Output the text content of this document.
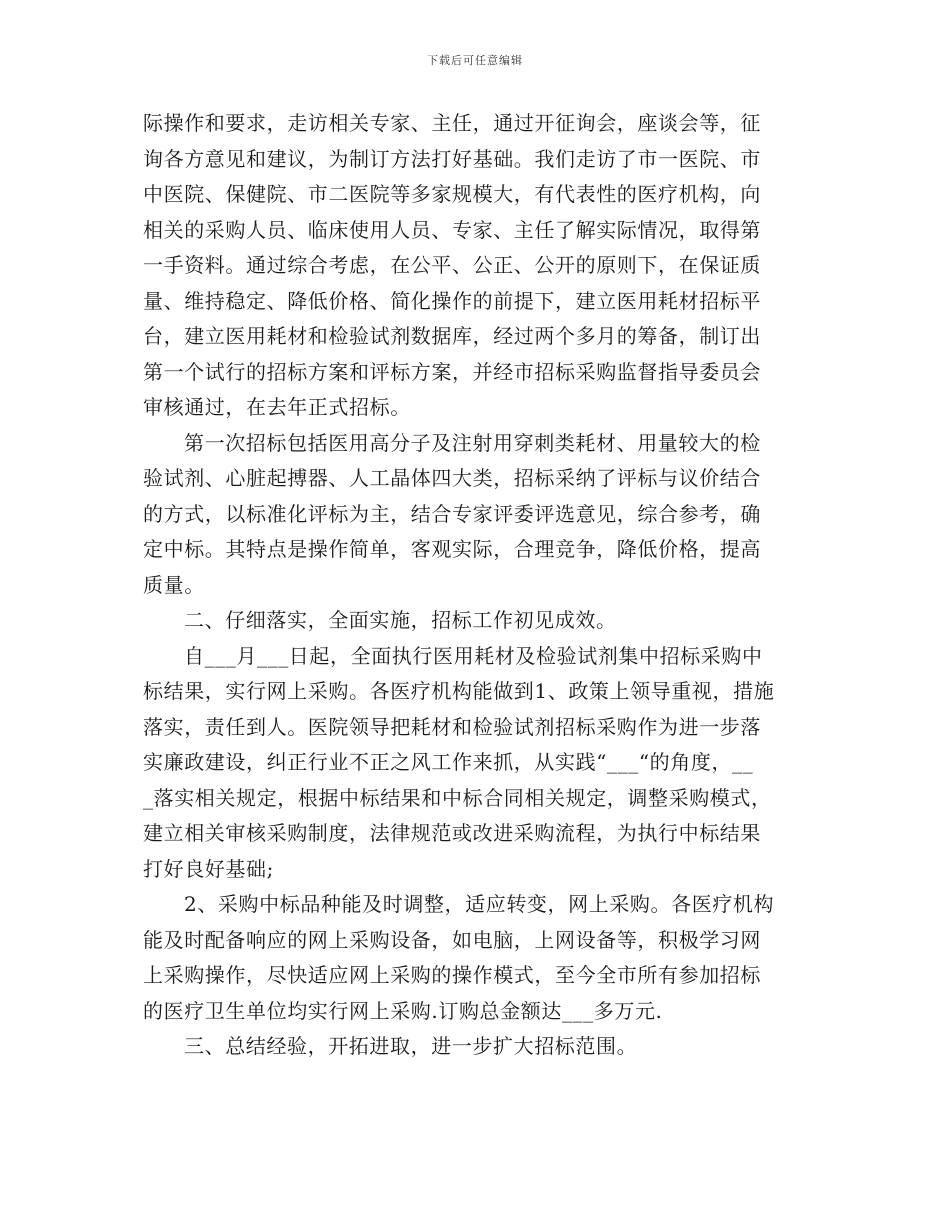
下载后可任意编辑

际操作和要求，走访相关专家、主任，通过开征询会，座谈会等，征
询各方意见和建议，为制订方法打好基础。我们走访了市一医院、市
中医院、保健院、市二医院等多家规模大，有代表性的医疗机构，向
相关的采购人员、临床使用人员、专家、主任了解实际情况，取得第
一手资料。通过综合考虑，在公平、公正、公开的原则下，在保证质
量、维持稳定、降低价格、简化操作的前提下，建立医用耗材招标平
台，建立医用耗材和检验试剂数据库，经过两个多月的筹备，制订出
第一个试行的招标方案和评标方案，并经市招标采购监督指导委员会
审核通过，在去年正式招标。

第一次招标包括医用高分子及注射用穿刺类耗材、用量较大的检
验试剂、心脏起搏器、人工晶体四大类，招标采纳了评标与议价结合
的方式，以标准化评标为主，结合专家评委评选意见，综合参考，确
定中标。其特点是操作简单，客观实际，合理竞争，降低价格，提高
质量。

二、仔细落实，全面实施，招标工作初见成效。

自___月___日起，全面执行医用耗材及检验试剂集中招标采购中
标结果，实行网上采购。各医疗机构能做到1、政策上领导重视，措施
落实，责任到人。医院领导把耗材和检验试剂招标采购作为进一步落
实廉政建设，纠正行业不正之风工作来抓，从实践“___“的角度，__
_落实相关规定，根据中标结果和中标合同相关规定，调整采购模式，
建立相关审核采购制度，法律规范或改进采购流程，为执行中标结果
打好良好基础;

2、采购中标品种能及时调整，适应转变，网上采购。各医疗机构
能及时配备响应的网上采购设备，如电脑，上网设备等，积极学习网
上采购操作，尽快适应网上采购的操作模式，至今全市所有参加招标
的医疗卫生单位均实行网上采购.订购总金额达___多万元.

三、总结经验，开拓进取，进一步扩大招标范围。
